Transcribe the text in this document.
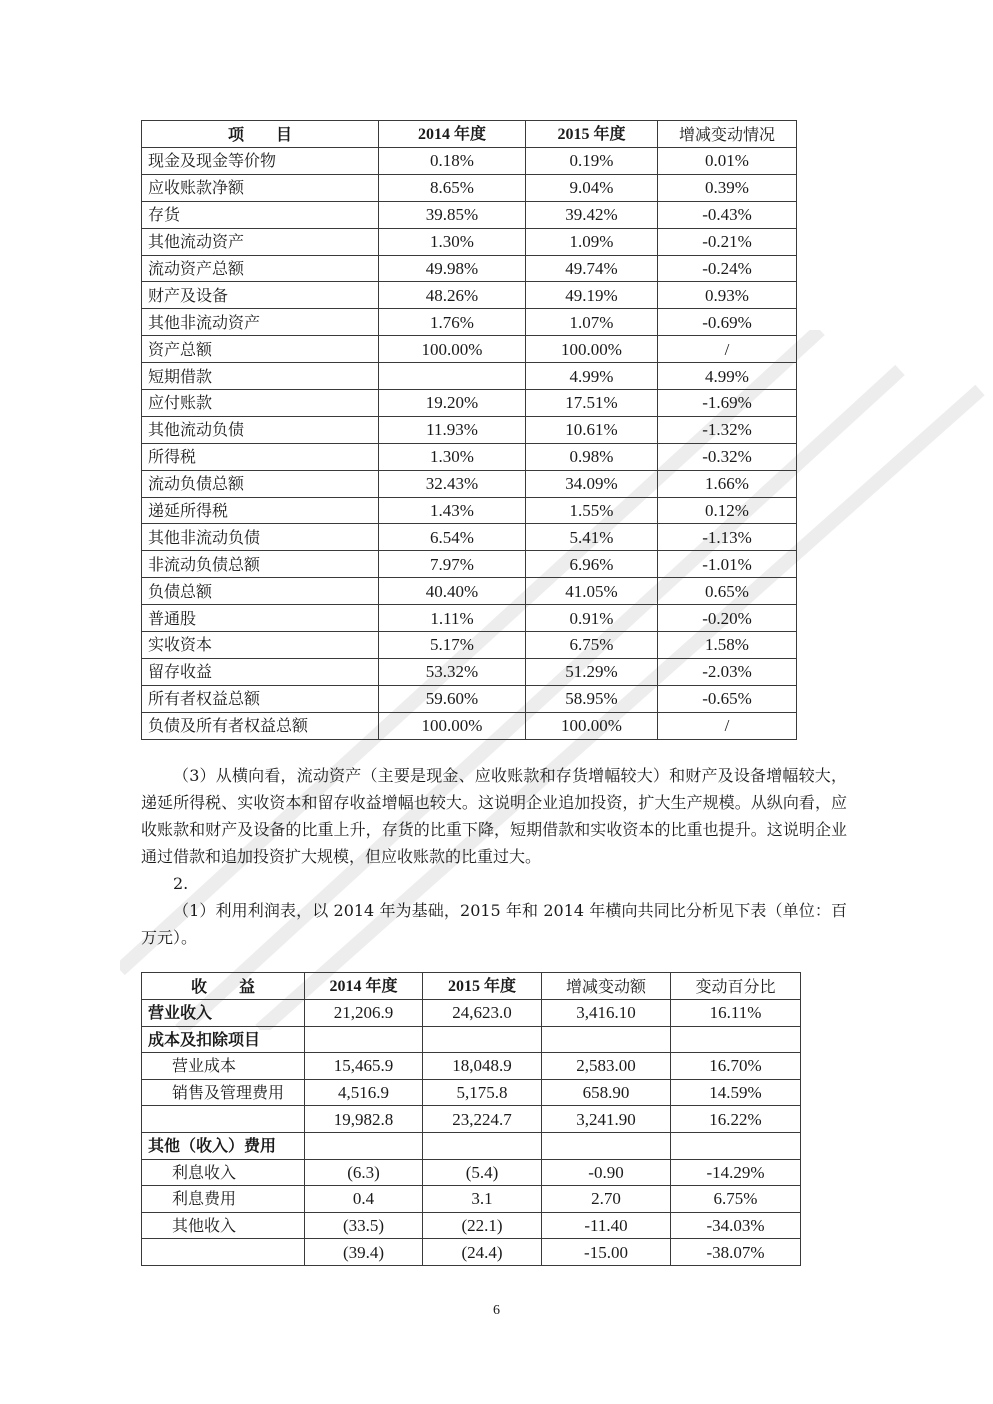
项　　目	2014 年度	2015 年度	增减变动情况
现金及现金等价物	0.18%	0.19%	0.01%
应收账款净额	8.65%	9.04%	0.39%
存货	39.85%	39.42%	-0.43%
其他流动资产	1.30%	1.09%	-0.21%
流动资产总额	49.98%	49.74%	-0.24%
财产及设备	48.26%	49.19%	0.93%
其他非流动资产	1.76%	1.07%	-0.69%
资产总额	100.00%	100.00%	/
短期借款		4.99%	4.99%
应付账款	19.20%	17.51%	-1.69%
其他流动负债	11.93%	10.61%	-1.32%
所得税	1.30%	0.98%	-0.32%
流动负债总额	32.43%	34.09%	1.66%
递延所得税	1.43%	1.55%	0.12%
其他非流动负债	6.54%	5.41%	-1.13%
非流动负债总额	7.97%	6.96%	-1.01%
负债总额	40.40%	41.05%	0.65%
普通股	1.11%	0.91%	-0.20%
实收资本	5.17%	6.75%	1.58%
留存收益	53.32%	51.29%	-2.03%
所有者权益总额	59.60%	58.95%	-0.65%
负债及所有者权益总额	100.00%	100.00%	/
（3）从横向看，流动资产（主要是现金、应收账款和存货增幅较大）和财产及设备增幅较大，递延所得税、实收资本和留存收益增幅也较大。这说明企业追加投资，扩大生产规模。从纵向看，应收账款和财产及设备的比重上升，存货的比重下降，短期借款和实收资本的比重也提升。这说明企业通过借款和追加投资扩大规模，但应收账款的比重过大。
2.
（1）利用利润表，以 2014 年为基础，2015 年和 2014 年横向共同比分析见下表（单位：百万元）。
收　　益	2014 年度	2015 年度	增减变动额	变动百分比
营业收入	21,206.9	24,623.0	3,416.10	16.11%
成本及扣除项目				
营业成本	15,465.9	18,048.9	2,583.00	16.70%
销售及管理费用	4,516.9	5,175.8	658.90	14.59%
	19,982.8	23,224.7	3,241.90	16.22%
其他（收入）费用				
利息收入	(6.3)	(5.4)	-0.90	-14.29%
利息费用	0.4	3.1	2.70	6.75%
其他收入	(33.5)	(22.1)	-11.40	-34.03%
	(39.4)	(24.4)	-15.00	-38.07%
6
